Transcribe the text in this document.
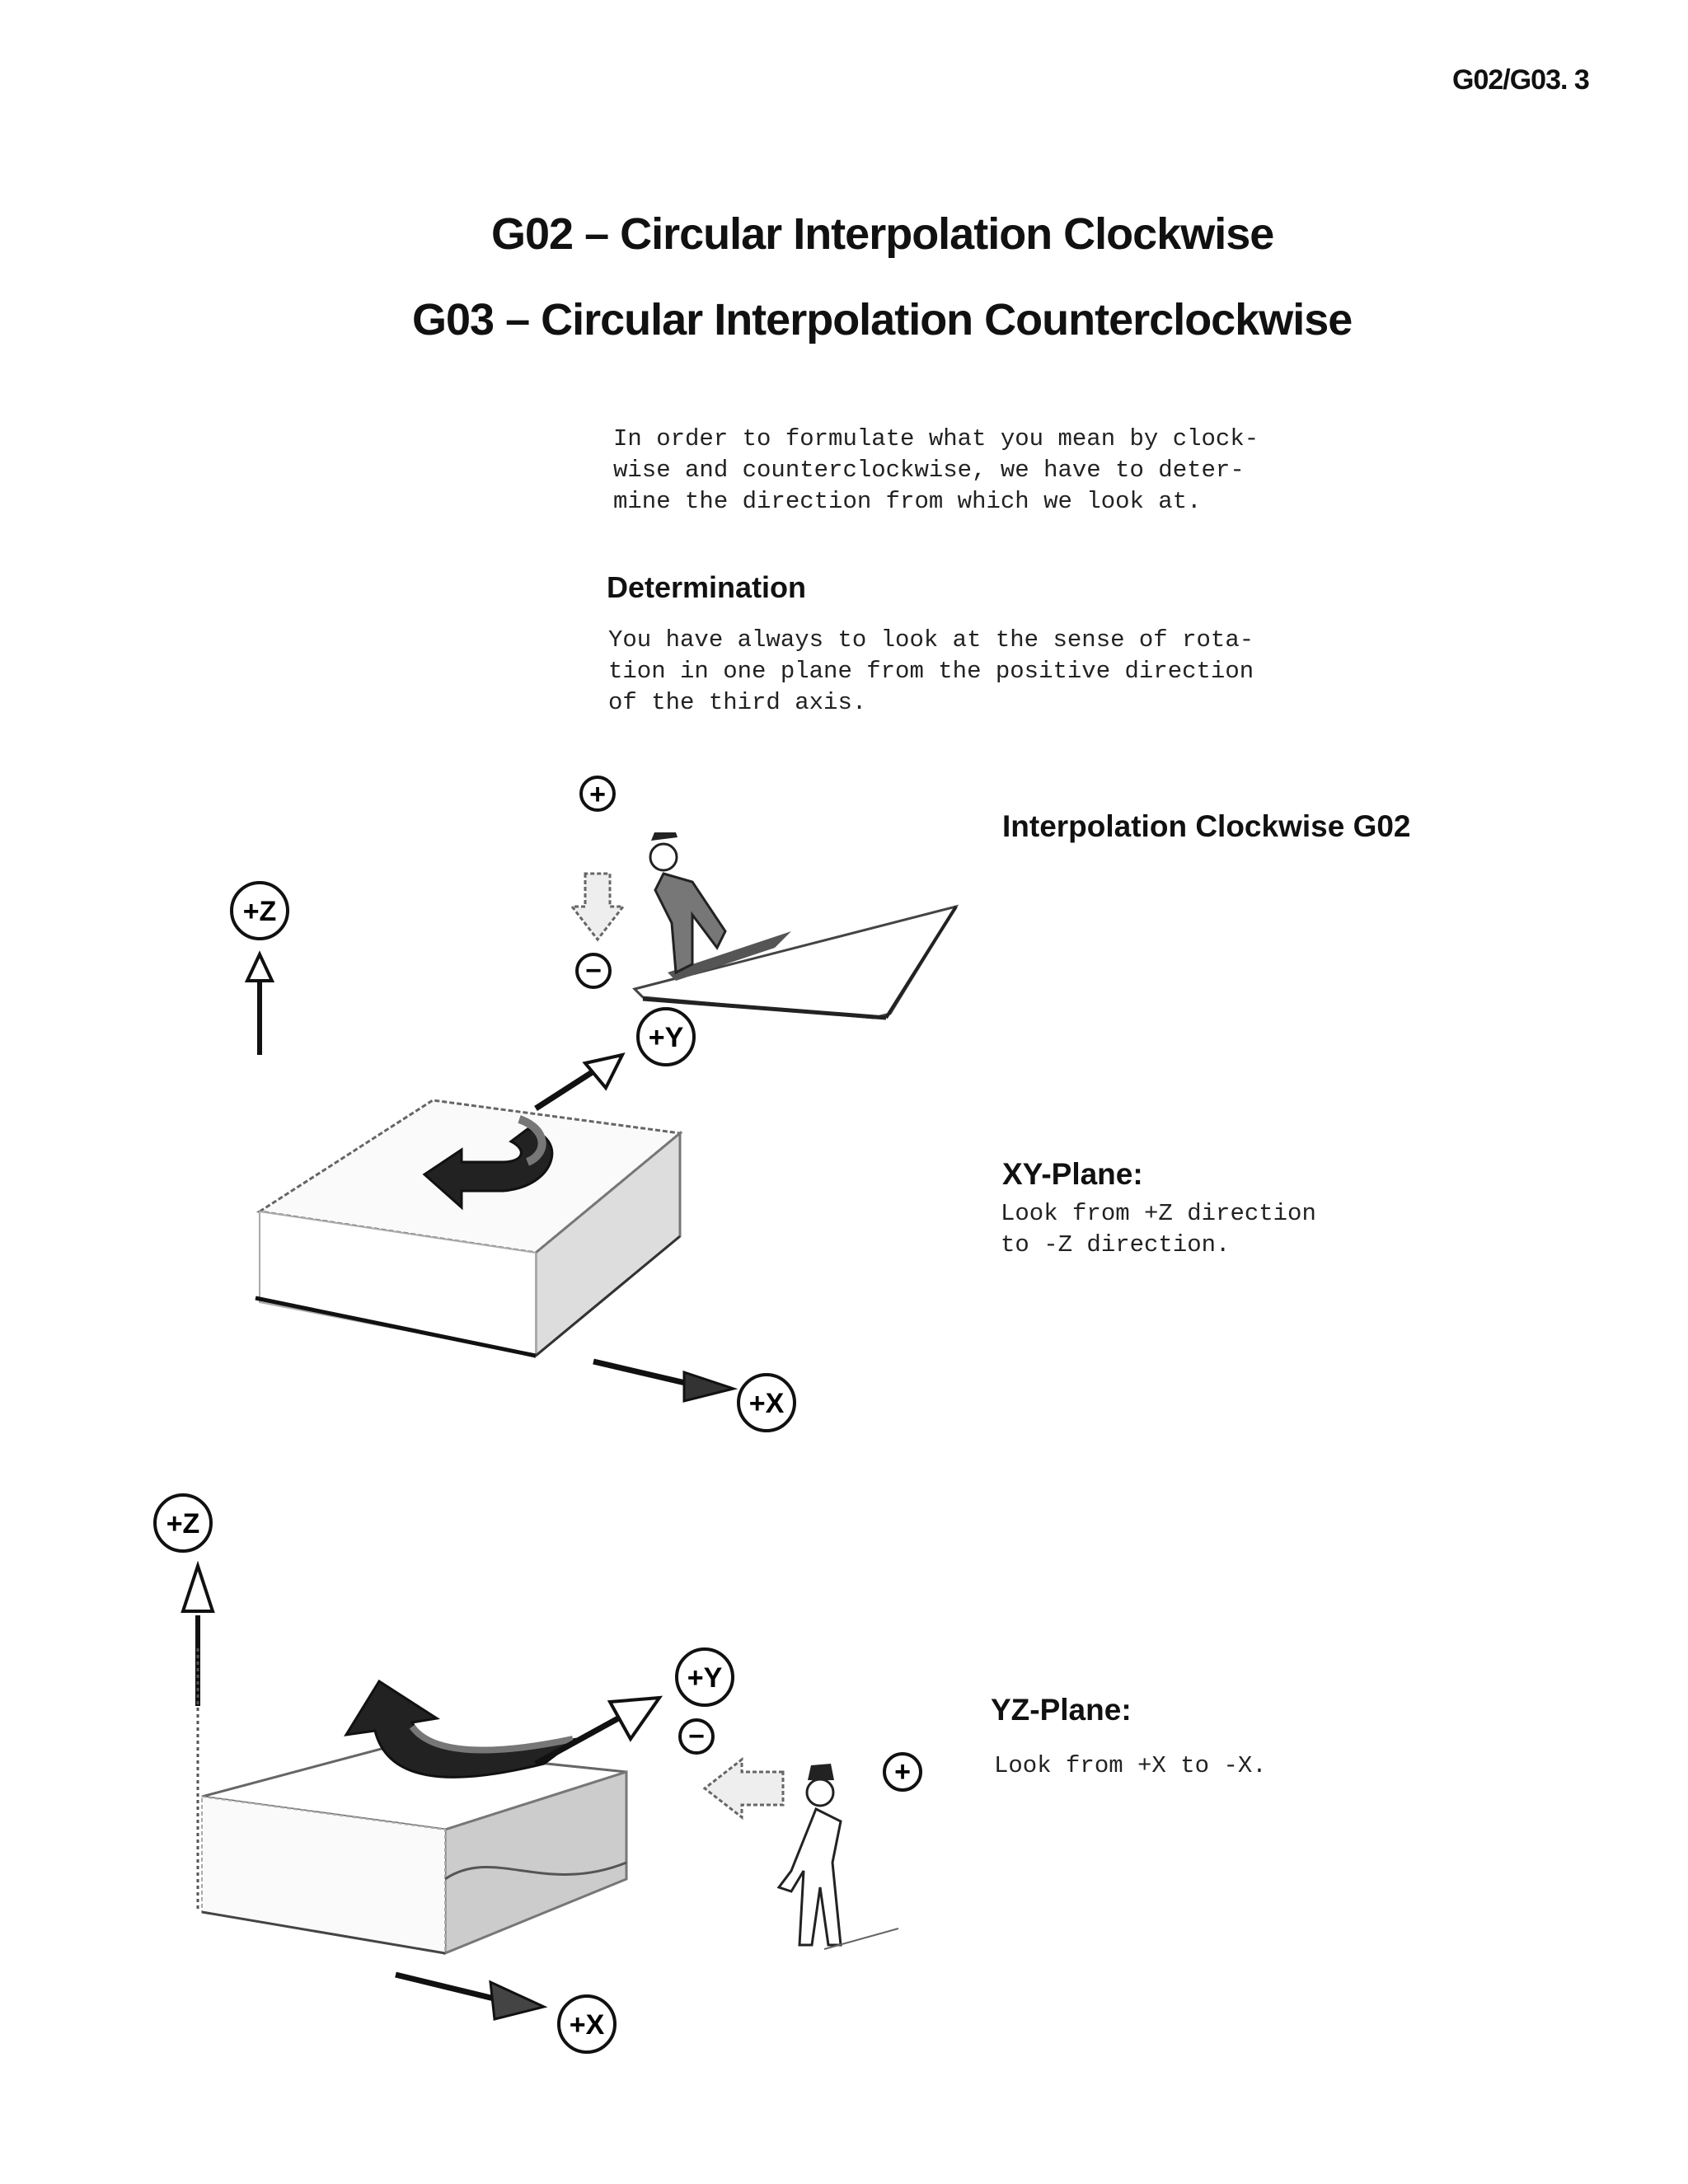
G02/G03. 3
G02 – Circular Interpolation Clockwise
G03 – Circular Interpolation Counterclockwise
In order to formulate what you mean by clock-
wise and counterclockwise, we have to deter-
mine the direction from which we look at.
Determination
You have always to look at the sense of rota-
tion in one plane from the positive direction
of the third axis.
Interpolation Clockwise G02
XY-Plane:
Look from +Z direction
to -Z direction.
YZ-Plane:
Look from +X to -X.
+Z
+
−
+Y
+X
+Z
+Y
−
+
+X
